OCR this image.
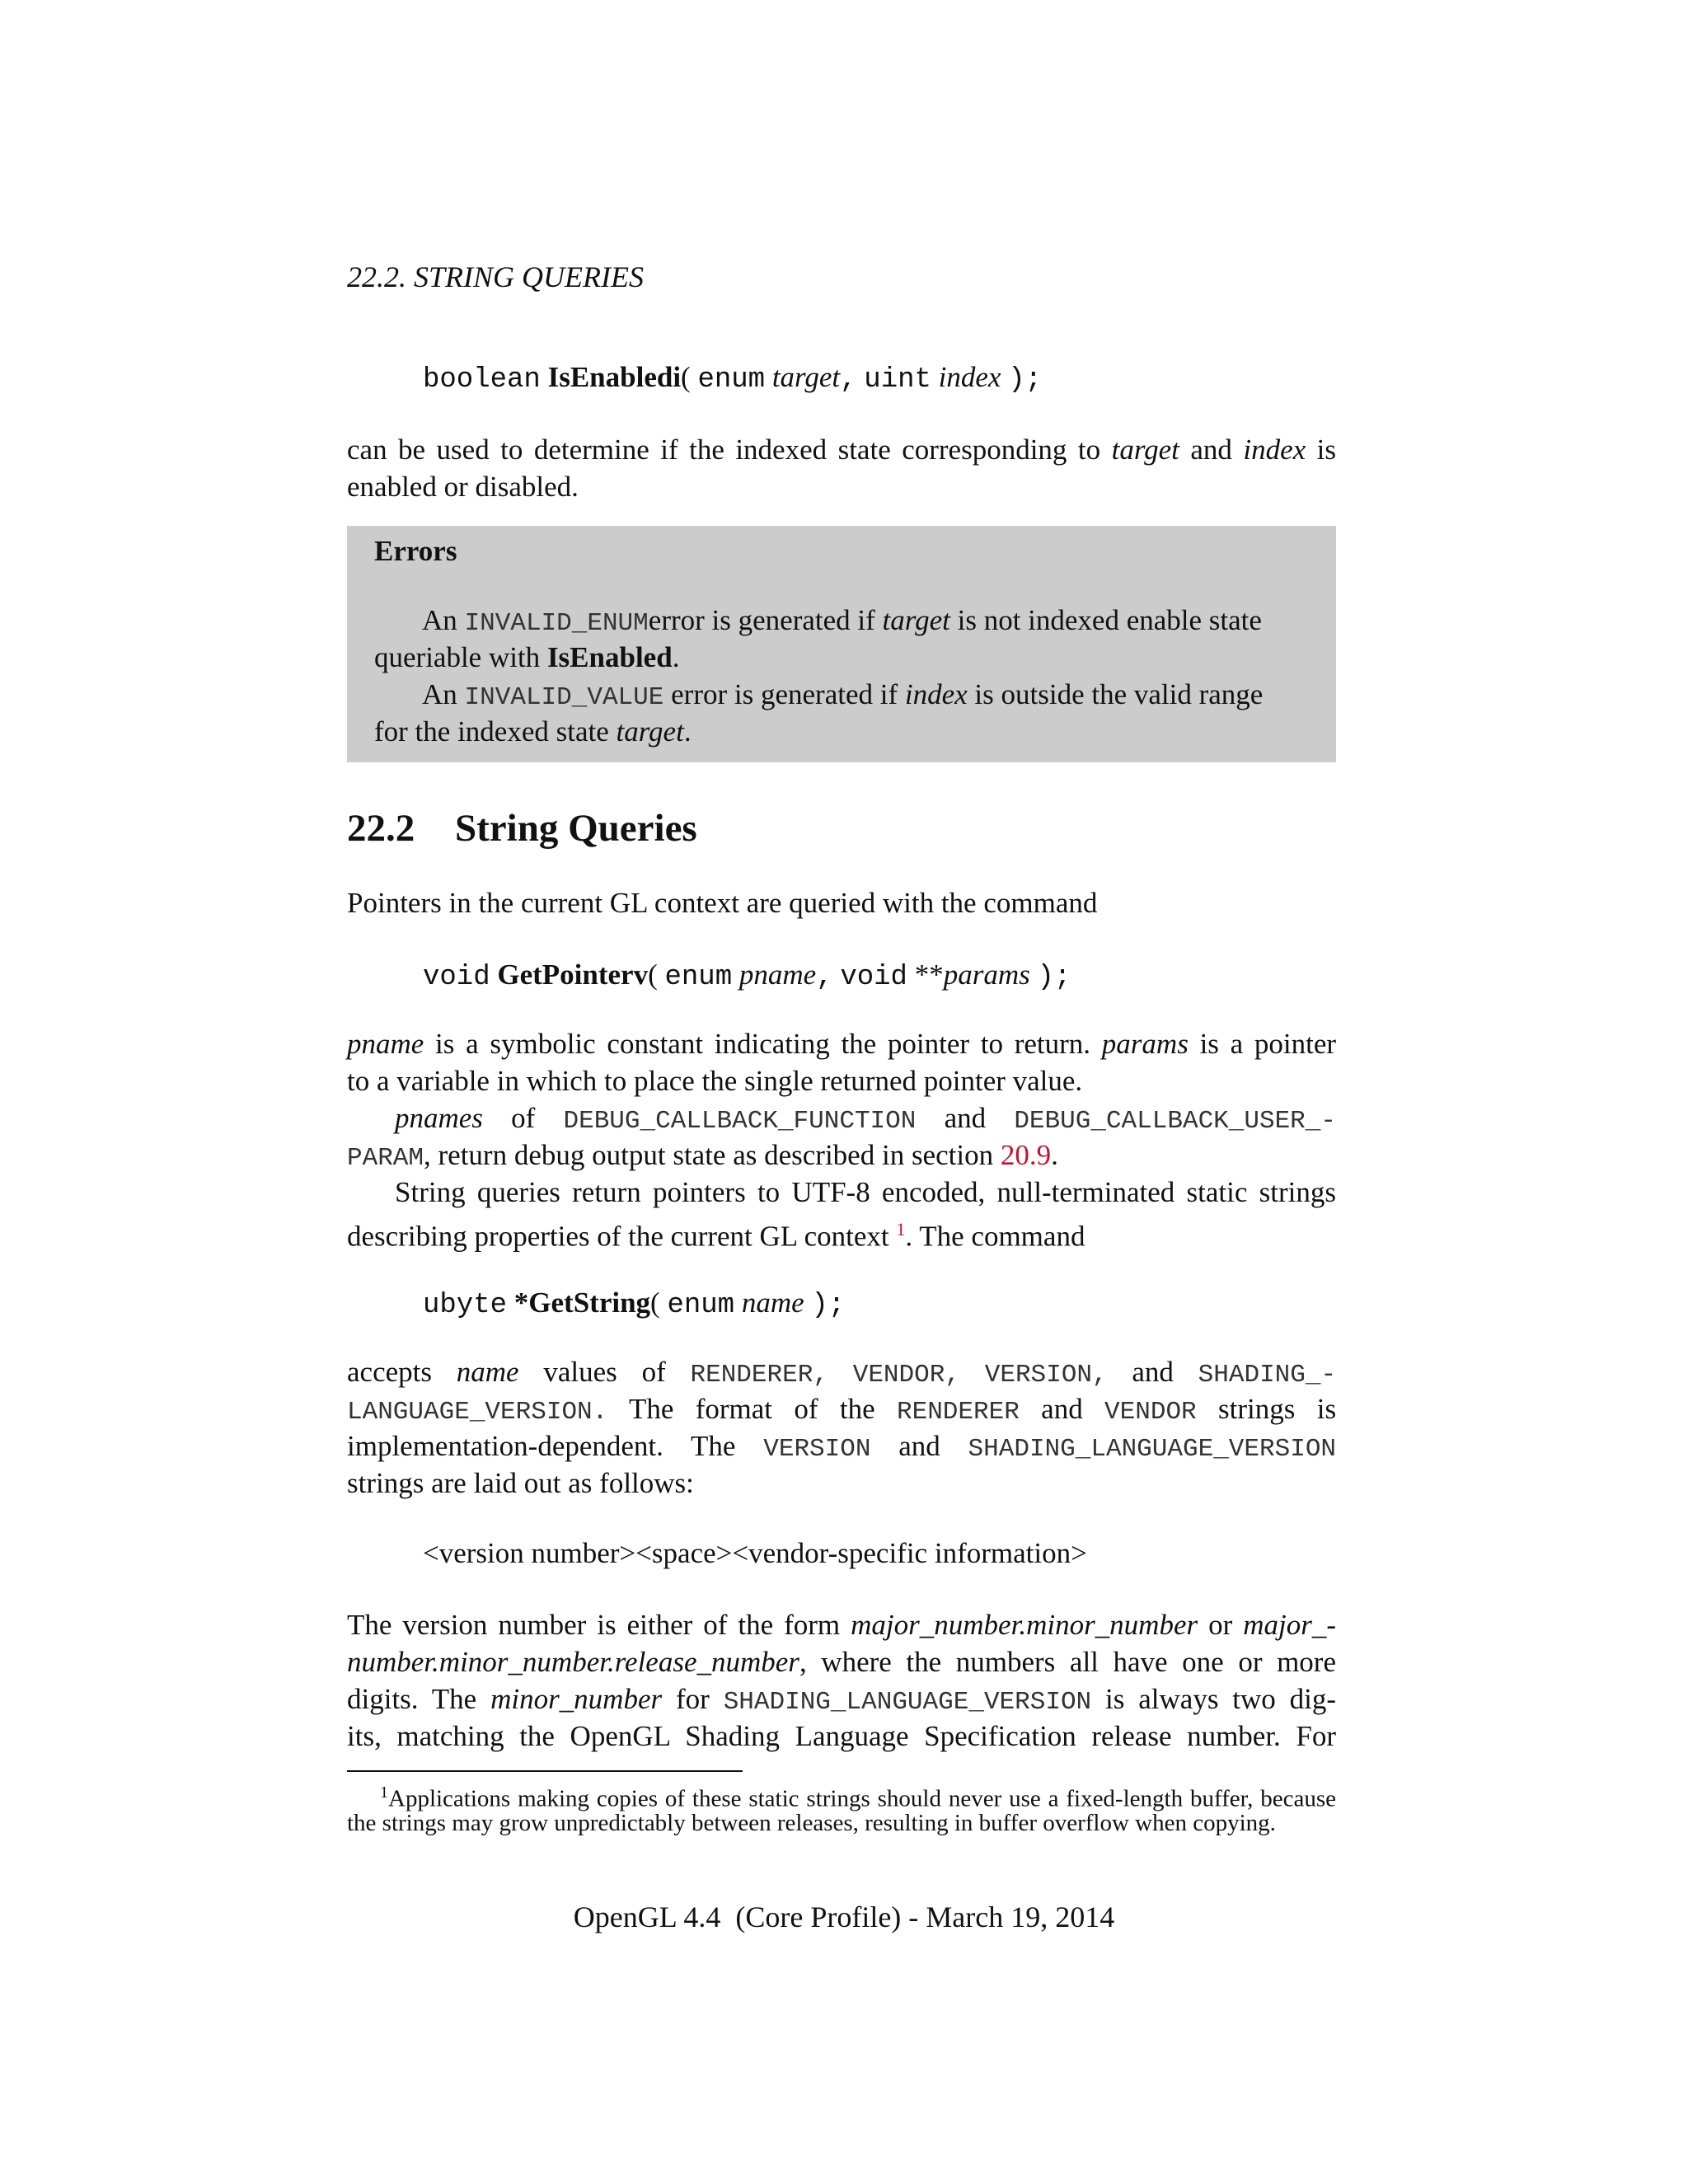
22.2. STRING QUERIES
boolean IsEnabledi( enum target, uint index );
can be used to determine if the indexed state corresponding to target and index is
enabled or disabled.
Errors
An INVALID_ENUMerror is generated if target is not indexed enable state
queriable with IsEnabled.
An INVALID_VALUE error is generated if index is outside the valid range
for the indexed state target.
22.2 String Queries
Pointers in the current GL context are queried with the command
void GetPointerv( enum pname, void **params );
pname is a symbolic constant indicating the pointer to return. params is a pointer
to a variable in which to place the single returned pointer value.
pnames of DEBUG_CALLBACK_FUNCTION and DEBUG_CALLBACK_USER_-
PARAM, return debug output state as described in section 20.9.
String queries return pointers to UTF-8 encoded, null-terminated static strings
describing properties of the current GL context $^1$. The command
ubyte *GetString( enum name );
accepts name values of RENDERER, VENDOR, VERSION, and SHADING_-
LANGUAGE_VERSION. The format of the RENDERER and VENDOR strings is
implementation-dependent. The VERSION and SHADING_LANGUAGE_VERSION
strings are laid out as follows:
<version number><space><vendor-specific information>
The version number is either of the form major_number.minor_number or major_-
number.minor_number.release_number, where the numbers all have one or more
digits. The minor_number for SHADING_LANGUAGE_VERSION is always two dig-
its, matching the OpenGL Shading Language Specification release number. For
$^1$Applications making copies of these static strings should never use a fixed-length buffer, because
the strings may grow unpredictably between releases, resulting in buffer overflow when copying.
OpenGL 4.4  (Core Profile) - March 19, 2014
